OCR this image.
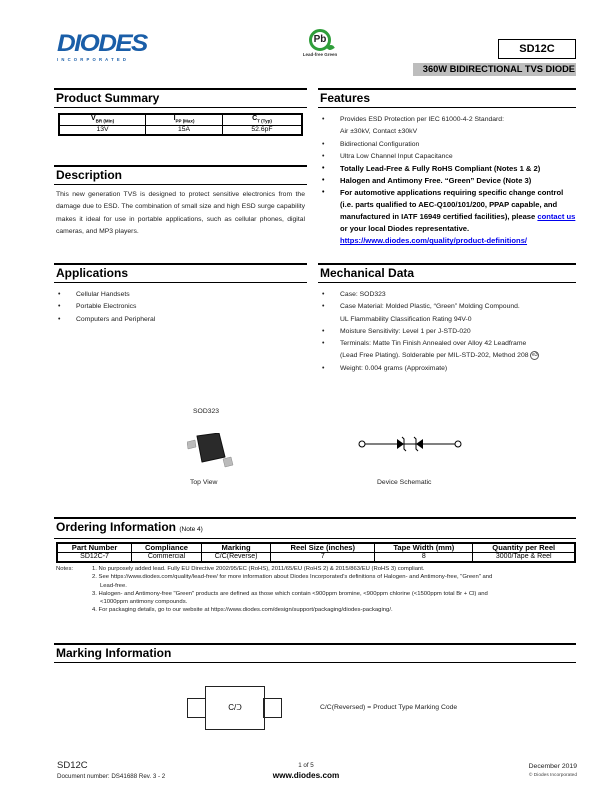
DIODES
INCORPORATED
Pb
Lead-free Green	SD12C
360W BIDIRECTIONAL TVS DIODE
Product Summary
$V_{BR (Min)}$	$I_{PP (Max)}$	$C_{T (Typ)}$
13V	15A	52.6pF
Description

This new generation TVS is designed to protect sensitive electronics from the damage due to ESD. The combination of small size and high ESD surge capability makes it ideal for use in portable applications, such as cellular phones, digital cameras, and MP3 players.

Features
• Provides ESD Protection per IEC 61000-4-2 Standard:
Air ±30kV, Contact ±30kV
• Bidirectional Configuration
• Ultra Low Channel Input Capacitance
• Totally Lead-Free & Fully RoHS Compliant (Notes 1 & 2)
• Halogen and Antimony Free. “Green” Device (Note 3)
• For automotive applications requiring specific change control (i.e. parts qualified to AEC-Q100/101/200, PPAP capable, and manufactured in IATF 16949 certified facilities), please contact us or your local Diodes representative.
https://www.diodes.com/quality/product-definitions/
Applications
• Cellular Handsets
• Portable Electronics
• Computers and Peripheral
Mechanical Data
• Case: SOD323
• Case Material: Molded Plastic, “Green” Molding Compound.
UL Flammability Classification Rating 94V-0
• Moisture Sensitivity: Level 1 per J-STD-020
• Terminals: Matte Tin Finish Annealed over Alloy 42 Leadframe
(Lead Free Plating). Solderable per MIL-STD-202, Method 208 e3
• Weight: 0.004 grams (Approximate)
SOD323
Top View	Device Schematic
Ordering Information (Note 4)
Part Number	Compliance	Marking	Reel Size (inches)	Tape Width (mm)	Quantity per Reel
SD12C-7	Commercial	C/C(Reverse)	7	8	3000/Tape & Reel
Notes:	1. No purposely added lead. Fully EU Directive 2002/95/EC (RoHS), 2011/65/EU (RoHS 2) & 2015/863/EU (RoHS 3) compliant.
2. See https://www.diodes.com/quality/lead-free/ for more information about Diodes Incorporated’s definitions of Halogen- and Antimony-free, "Green" and
Lead-free.
3. Halogen- and Antimony-free "Green" products are defined as those which contain <900ppm bromine, <900ppm chlorine (<1500ppm total Br + Cl) and
<1000ppm antimony compounds.
4. For packaging details, go to our website at https://www.diodes.com/design/support/packaging/diodes-packaging/.
Marking Information
C/Ↄ	C/C(Reversed) = Product Type Marking Code
SD12C
Document number: DS41688 Rev. 3 - 2
1 of 5
www.diodes.com
December 2019
© Diodes Incorporated
